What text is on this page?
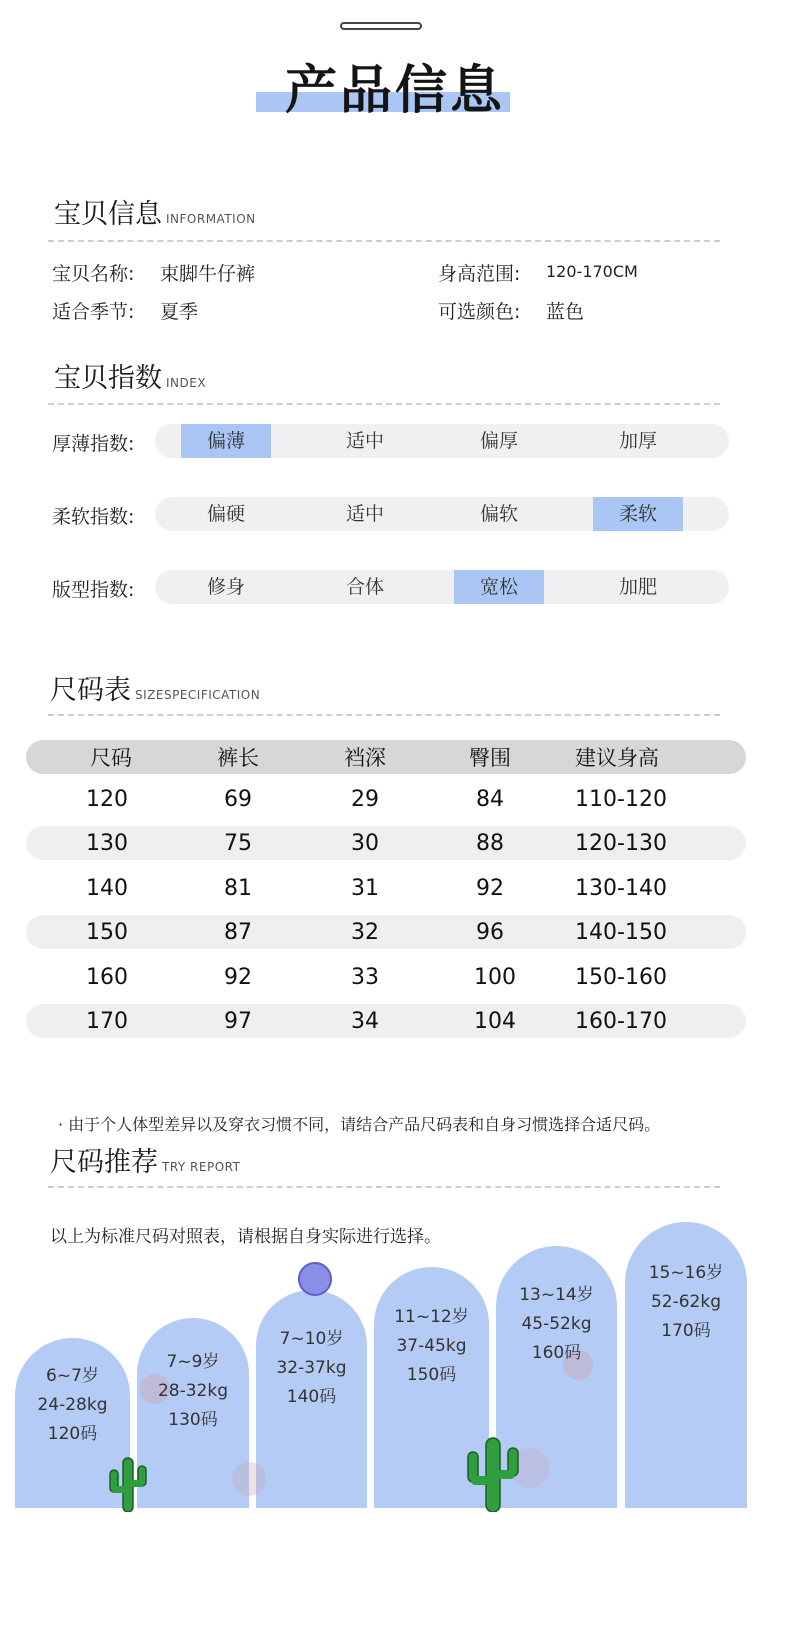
产品信息
宝贝信息 INFORMATION
宝贝名称: 束脚牛仔裤	身高范围: 120-170CM
适合季节: 夏季	可选颜色: 蓝色
宝贝指数 INDEX
厚薄指数:	偏薄	适中	偏厚	加厚
柔软指数:	偏硬	适中	偏软	柔软
版型指数:	修身	合体	宽松	加肥
尺码表 SIZESPECIFICATION
尺码	裤长	裆深	臀围	建议身高
120	69	29	84	110-120
130	75	30	88	120-130
140	81	31	92	130-140
150	87	32	96	140-150
160	92	33	100	150-160
170	97	34	104	160-170
· 由于个人体型差异以及穿衣习惯不同，请结合产品尺码表和自身习惯选择合适尺码。
尺码推荐 TRY REPORT
以上为标准尺码对照表，请根据自身实际进行选择。
6~7岁
24-28kg
120码
7~9岁
28-32kg
130码
7~10岁
32-37kg
140码
11~12岁
37-45kg
150码
13~14岁
45-52kg
160码
15~16岁
52-62kg
170码
